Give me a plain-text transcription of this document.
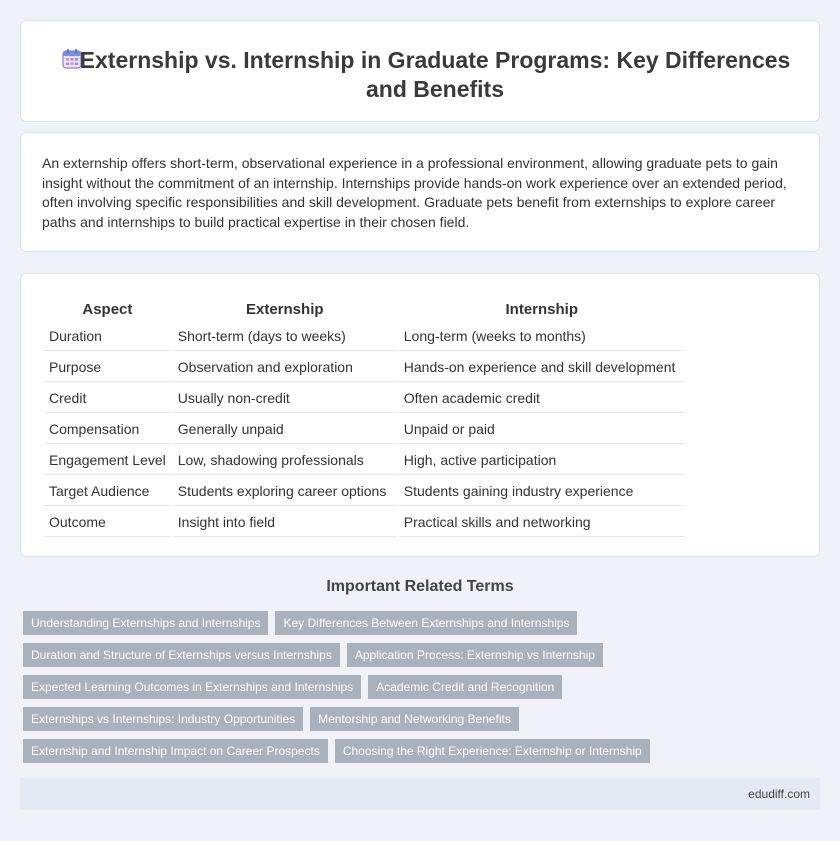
Externship vs. Internship in Graduate Programs: Key Differences and Benefits

An externship offers short-term, observational experience in a professional environment, allowing graduate pets to gain insight without the commitment of an internship. Internships provide hands-on work experience over an extended period, often involving specific responsibilities and skill development. Graduate pets benefit from externships to explore career paths and internships to build practical expertise in their chosen field.

Aspect	Externship	Internship
Duration	Short-term (days to weeks)	Long-term (weeks to months)
Purpose	Observation and exploration	Hands-on experience and skill development
Credit	Usually non-credit	Often academic credit
Compensation	Generally unpaid	Unpaid or paid
Engagement Level	Low, shadowing professionals	High, active participation
Target Audience	Students exploring career options	Students gaining industry experience
Outcome	Insight into field	Practical skills and networking
Important Related Terms
Understanding Externships and Internships	Key Differences Between Externships and Internships
Duration and Structure of Externships versus Internships	Application Process: Externship vs Internship
Expected Learning Outcomes in Externships and Internships	Academic Credit and Recognition
Externships vs Internships: Industry Opportunities	Mentorship and Networking Benefits
Externship and Internship Impact on Career Prospects	Choosing the Right Experience: Externship or Internship
edudiff.com
